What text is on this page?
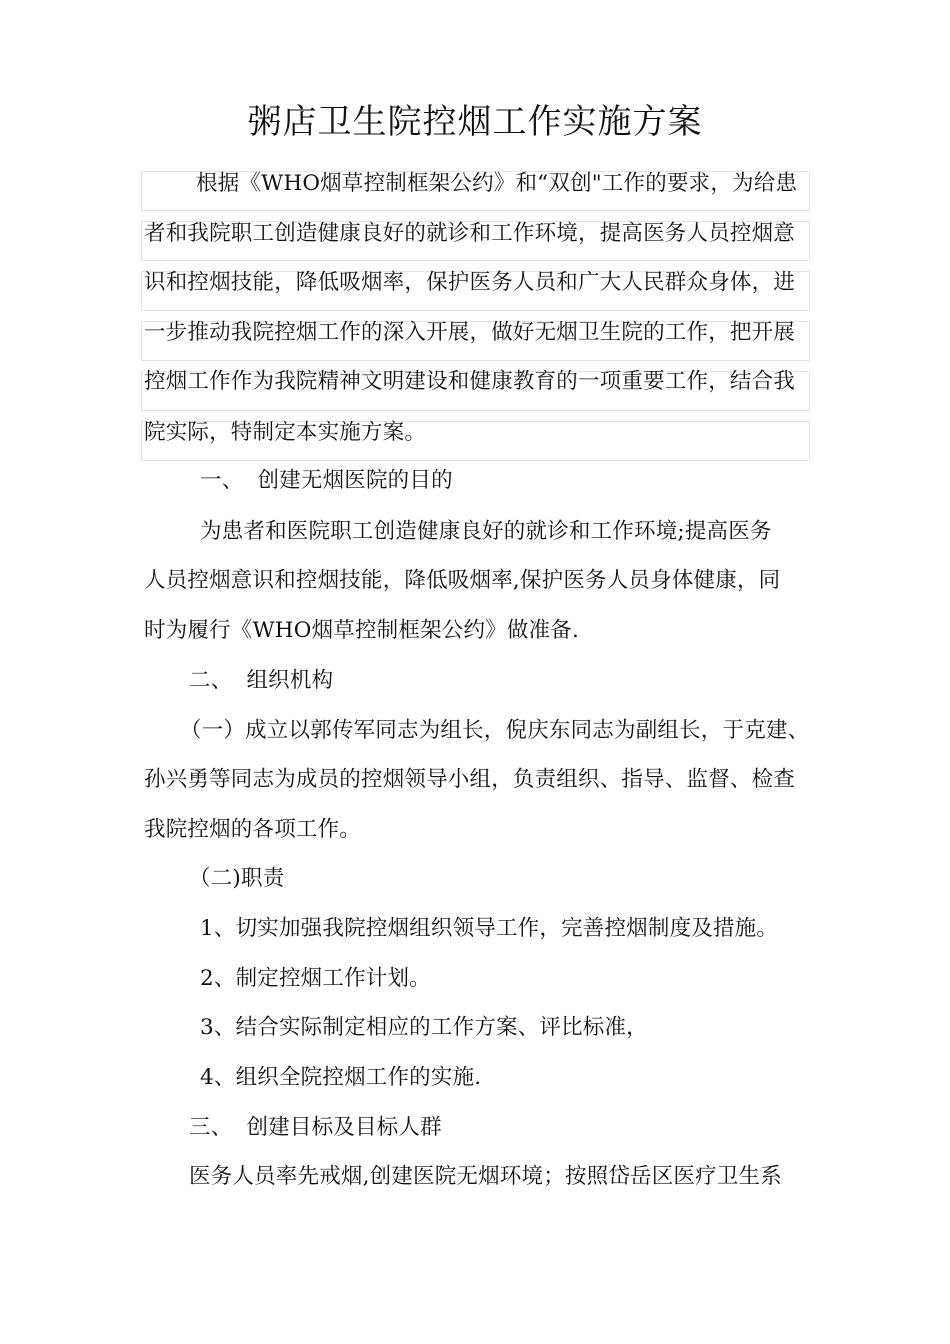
粥店卫生院控烟工作实施方案
根据《WHO烟草控制框架公约》和“双创"工作的要求，为给患
者和我院职工创造健康良好的就诊和工作环境，提高医务人员控烟意
识和控烟技能，降低吸烟率，保护医务人员和广大人民群众身体，进
一步推动我院控烟工作的深入开展，做好无烟卫生院的工作，把开展
控烟工作作为我院精神文明建设和健康教育的一项重要工作，结合我
院实际，特制定本实施方案。
一、  创建无烟医院的目的
为患者和医院职工创造健康良好的就诊和工作环境;提高医务
人员控烟意识和控烟技能，降低吸烟率,保护医务人员身体健康，同
时为履行《WHO烟草控制框架公约》做准备.
二、  组织机构
（一）成立以郭传军同志为组长，倪庆东同志为副组长，于克建、
孙兴勇等同志为成员的控烟领导小组，负责组织、指导、监督、检查
我院控烟的各项工作。
（二)职责
1、切实加强我院控烟组织领导工作，完善控烟制度及措施。
2、制定控烟工作计划。
3、结合实际制定相应的工作方案、评比标准，
4、组织全院控烟工作的实施.
三、  创建目标及目标人群
医务人员率先戒烟,创建医院无烟环境；按照岱岳区医疗卫生系
